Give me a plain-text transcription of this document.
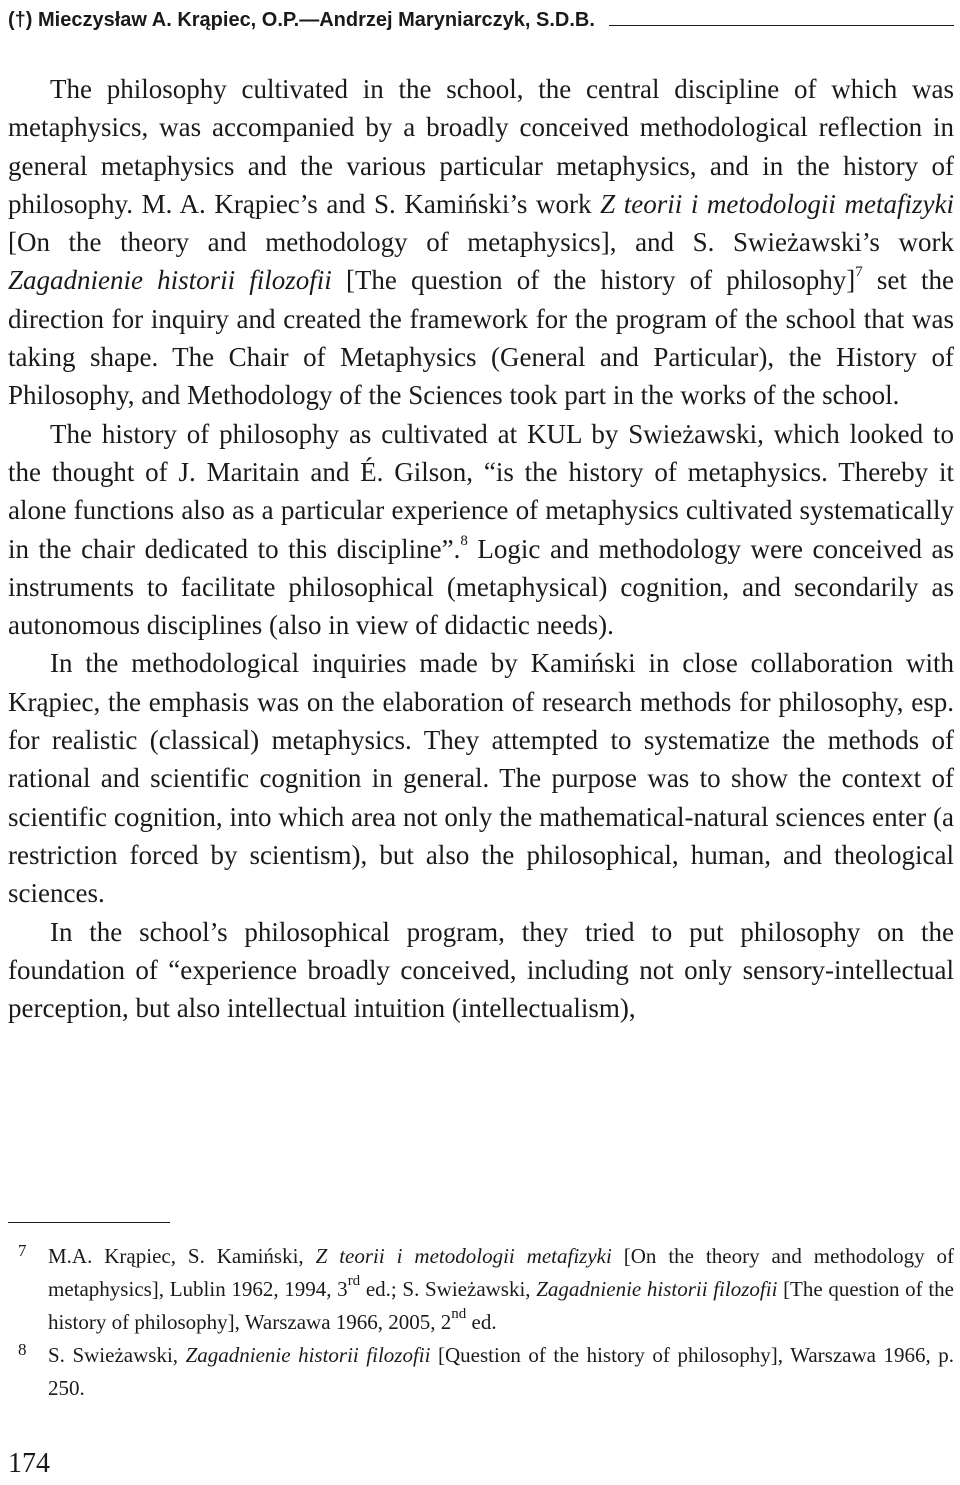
(†) Mieczysław A. Krąpiec, O.P.—Andrzej Maryniarczyk, S.D.B.

The philosophy cultivated in the school, the central discipline of which was metaphysics, was accompanied by a broadly conceived methodological reflection in general metaphysics and the various particular metaphysics, and in the history of philosophy. M. A. Krąpiec’s and S. Kamiński’s work Z teorii i metodologii metafizyki [On the theory and methodology of metaphysics], and S. Swieżawski’s work Zagadnienie historii filozofii [The question of the history of philosophy]$^7$ set the direction for inquiry and created the framework for the program of the school that was taking shape. The Chair of Metaphysics (General and Particular), the History of Philosophy, and Methodology of the Sciences took part in the works of the school.

The history of philosophy as cultivated at KUL by Swieżawski, which looked to the thought of J. Maritain and É. Gilson, “is the history of metaphysics. Thereby it alone functions also as a particular experience of metaphysics cultivated systematically in the chair dedicated to this discipline”.$^8$ Logic and methodology were conceived as instruments to facilitate philosophical (metaphysical) cognition, and secondarily as autonomous disciplines (also in view of didactic needs).

In the methodological inquiries made by Kamiński in close collaboration with Krąpiec, the emphasis was on the elaboration of research methods for philosophy, esp. for realistic (classical) metaphysics. They attempted to systematize the methods of rational and scientific cognition in general. The purpose was to show the context of scientific cognition, into which area not only the mathematical-natural sciences enter (a restriction forced by scientism), but also the philosophical, human, and theological sciences.

In the school’s philosophical program, they tried to put philosophy on the foundation of “experience broadly conceived, including not only sensory-intellectual perception, but also intellectual intuition (intellectualism),

7	M.A. Krąpiec, S. Kamiński, Z teorii i metodologii metafizyki [On the theory and methodology of metaphysics], Lublin 1962, 1994, 3rd ed.; S. Swieżawski, Zagadnienie historii filozofii [The question of the history of philosophy], Warszawa 1966, 2005, 2nd ed.
8	S. Swieżawski, Zagadnienie historii filozofii [Question of the history of philosophy], Warszawa 1966, p. 250.
174
